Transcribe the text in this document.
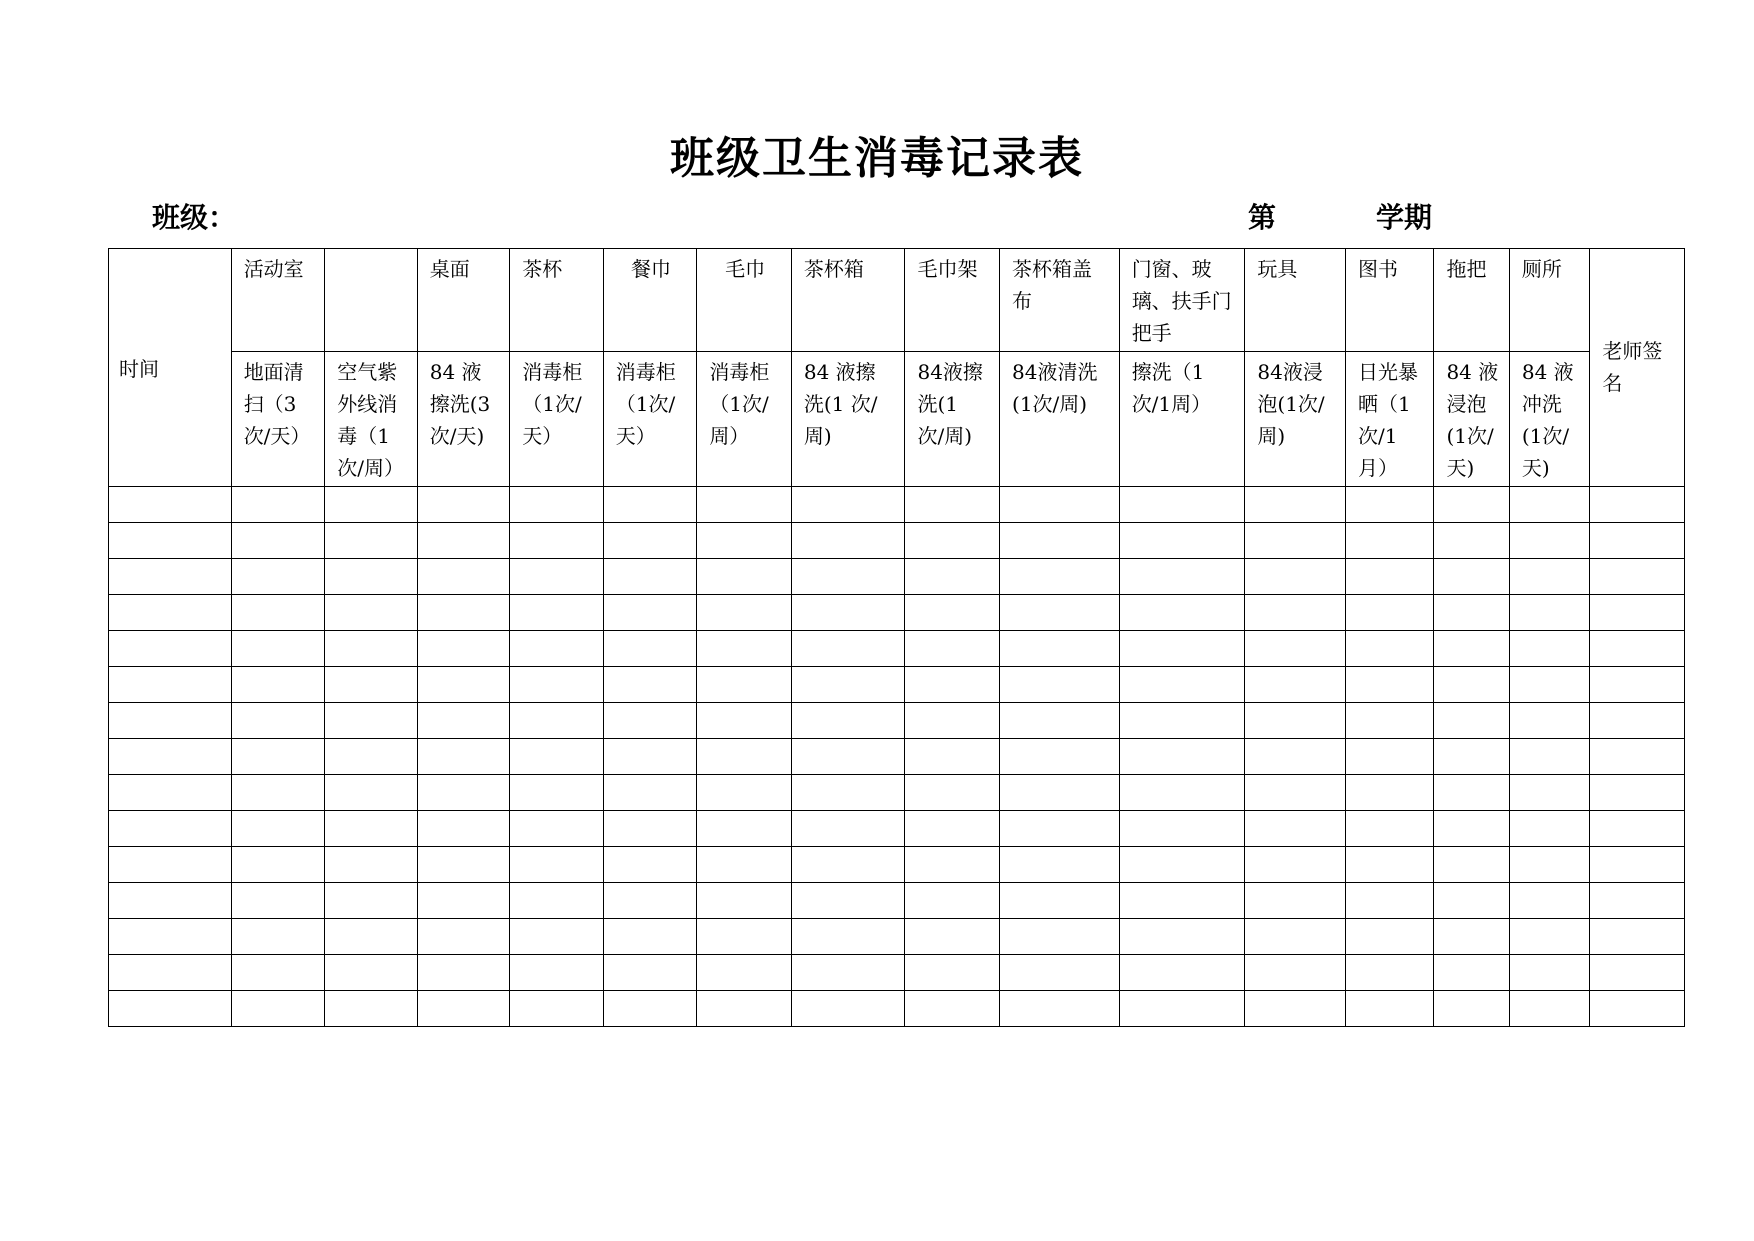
班级卫生消毒记录表
班级：	第	学期
时间	活动室		桌面	茶杯	餐巾	毛巾	茶杯箱	毛巾架	茶杯箱盖布	门窗、玻璃、扶手门把手	玩具	图书	拖把	厕所	老师签名
	地面清扫（3次/天）	空气紫外线消毒（1次/周）	84 液擦洗(3次/天)	消毒柜（1次/天）	消毒柜（1次/天）	消毒柜（1次/周）	84 液擦洗(1 次/周)	84液擦洗(1 次/周)	84液清洗(1次/周)	擦洗（1 次/1周）	84液浸泡(1次/周)	日光暴晒（1次/1月）	84 液浸泡(1次/天)	84 液冲洗(1次/天)	
